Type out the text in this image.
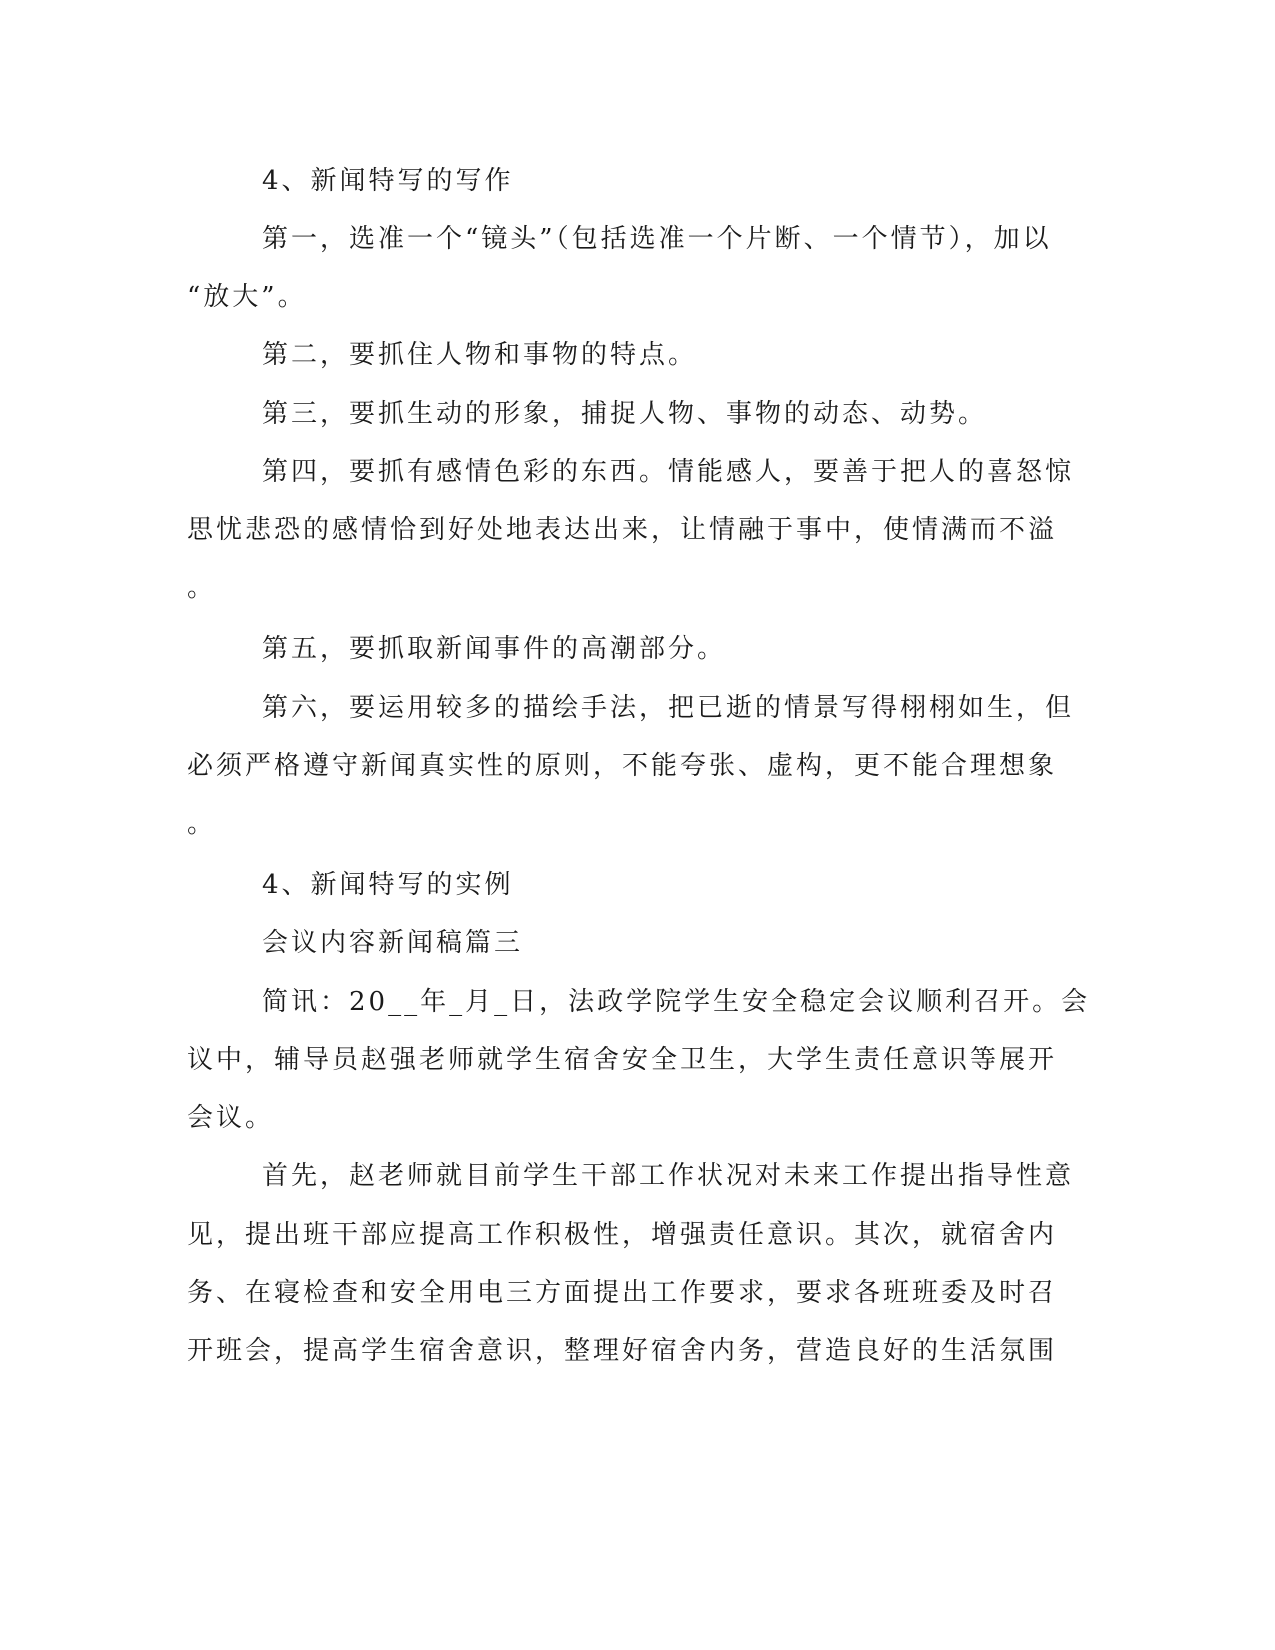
4、新闻特写的写作
第一，选准一个“镜头”（包括选准一个片断、一个情节），加以
“放大”。
第二，要抓住人物和事物的特点。
第三，要抓生动的形象，捕捉人物、事物的动态、动势。
第四，要抓有感情色彩的东西。情能感人，要善于把人的喜怒惊
思忧悲恐的感情恰到好处地表达出来，让情融于事中，使情满而不溢
。
第五，要抓取新闻事件的高潮部分。
第六，要运用较多的描绘手法，把已逝的情景写得栩栩如生，但
必须严格遵守新闻真实性的原则，不能夸张、虚构，更不能合理想象
。
4、新闻特写的实例
会议内容新闻稿篇三
简讯：20__年_月_日，法政学院学生安全稳定会议顺利召开。会
议中，辅导员赵强老师就学生宿舍安全卫生，大学生责任意识等展开
会议。
首先，赵老师就目前学生干部工作状况对未来工作提出指导性意
见，提出班干部应提高工作积极性，增强责任意识。其次，就宿舍内
务、在寝检查和安全用电三方面提出工作要求，要求各班班委及时召
开班会，提高学生宿舍意识，整理好宿舍内务，营造良好的生活氛围
